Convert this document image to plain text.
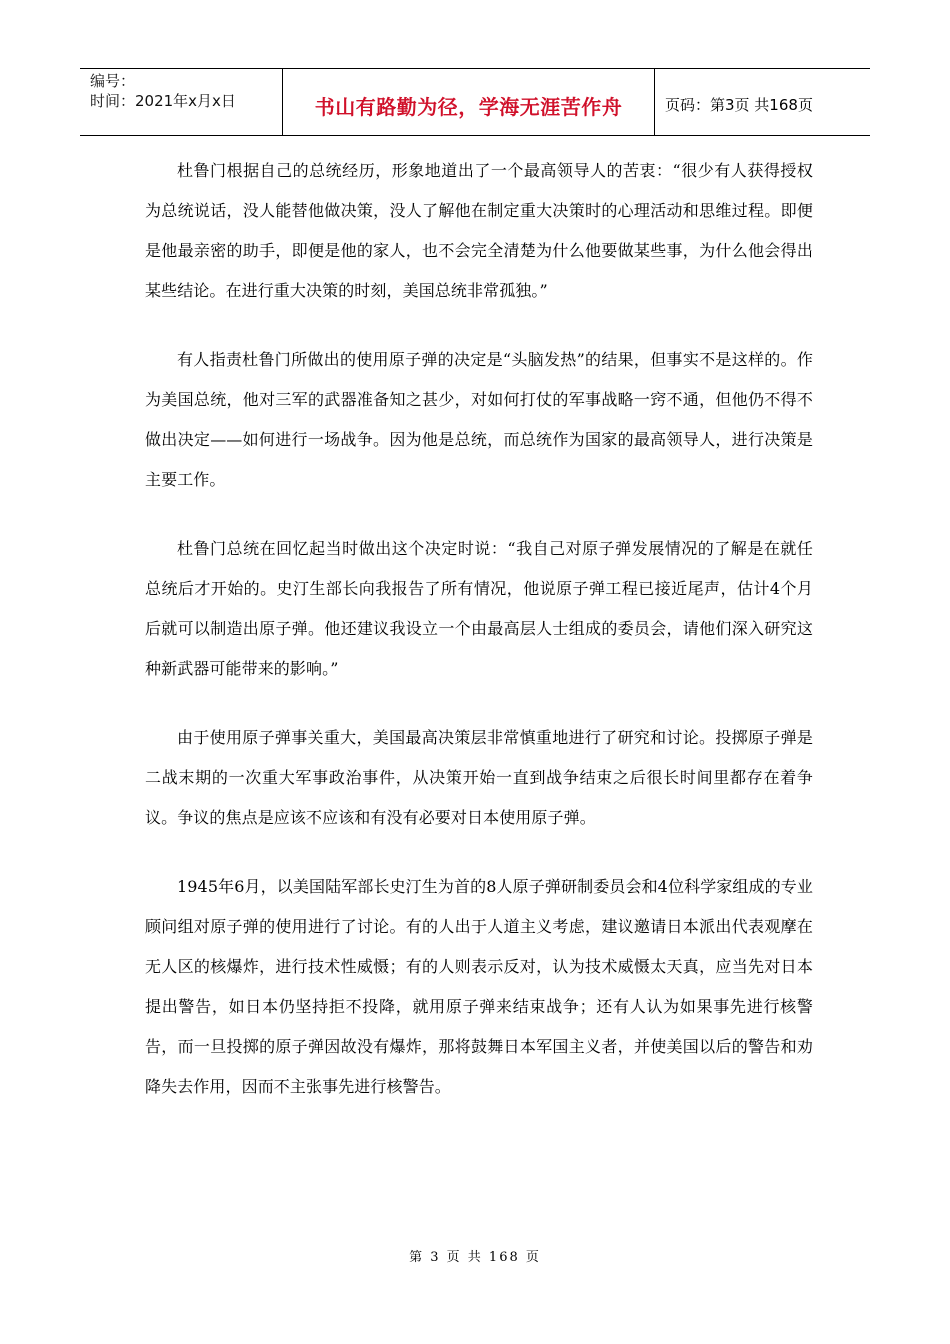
编号：
时间：2021年x月x日	书山有路勤为径，学海无涯苦作舟	页码：第3页 共168页

杜鲁门根据自己的总统经历，形象地道出了一个最高领导人的苦衷：“很少有人获得授权为总统说话，没人能替他做决策，没人了解他在制定重大决策时的心理活动和思维过程。即便是他最亲密的助手，即便是他的家人，也不会完全清楚为什么他要做某些事，为什么他会得出某些结论。在进行重大决策的时刻，美国总统非常孤独。”

有人指责杜鲁门所做出的使用原子弹的决定是“头脑发热”的结果，但事实不是这样的。作为美国总统，他对三军的武器准备知之甚少，对如何打仗的军事战略一窍不通，但他仍不得不做出决定——如何进行一场战争。因为他是总统，而总统作为国家的最高领导人，进行决策是主要工作。

杜鲁门总统在回忆起当时做出这个决定时说：“我自己对原子弹发展情况的了解是在就任总统后才开始的。史汀生部长向我报告了所有情况，他说原子弹工程已接近尾声，估计4个月后就可以制造出原子弹。他还建议我设立一个由最高层人士组成的委员会，请他们深入研究这种新武器可能带来的影响。”

由于使用原子弹事关重大，美国最高决策层非常慎重地进行了研究和讨论。投掷原子弹是二战末期的一次重大军事政治事件，从决策开始一直到战争结束之后很长时间里都存在着争议。争议的焦点是应该不应该和有没有必要对日本使用原子弹。

1945年6月，以美国陆军部长史汀生为首的8人原子弹研制委员会和4位科学家组成的专业顾问组对原子弹的使用进行了讨论。有的人出于人道主义考虑，建议邀请日本派出代表观摩在无人区的核爆炸，进行技术性威慑；有的人则表示反对，认为技术威慑太天真，应当先对日本提出警告，如日本仍坚持拒不投降，就用原子弹来结束战争；还有人认为如果事先进行核警告，而一旦投掷的原子弹因故没有爆炸，那将鼓舞日本军国主义者，并使美国以后的警告和劝降失去作用，因而不主张事先进行核警告。

第 3 页 共 168 页
